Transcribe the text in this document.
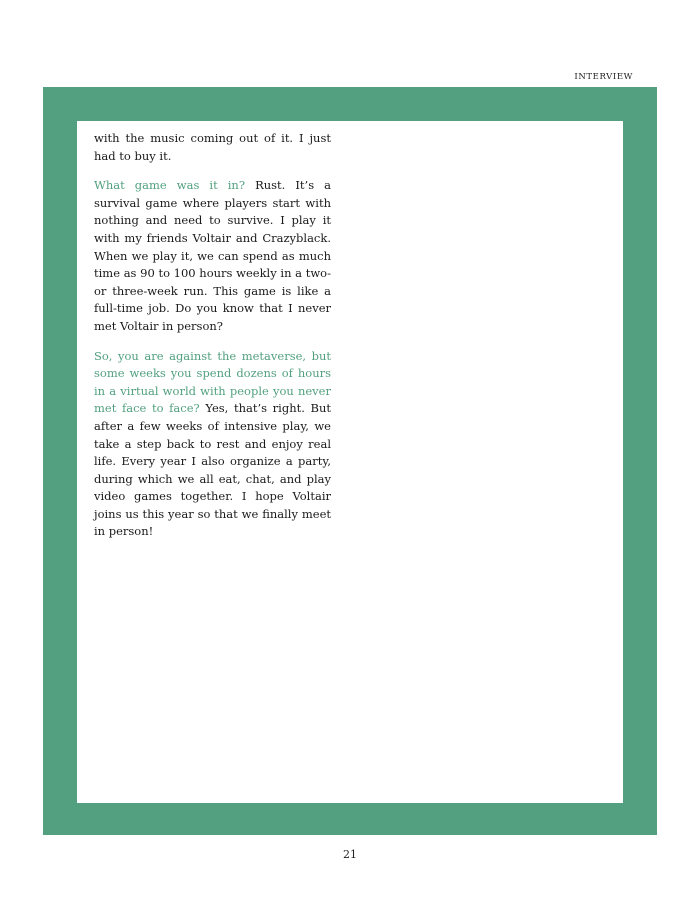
INTERVIEW

with the music coming out of it. I just had to buy it.

What game was it in? Rust. It’s a survival game where players start with nothing and need to survive. I play it with my friends Voltair and Crazyblack. When we play it, we can spend as much time as 90 to 100 hours weekly in a two- or three-week run. This game is like a full-time job. Do you know that I never met Voltair in person?

So, you are against the metaverse, but some weeks you spend dozens of hours in a virtual world with people you never met face to face? Yes, that’s right. But after a few weeks of intensive play, we take a step back to rest and enjoy real life. Every year I also organize a party, during which we all eat, chat, and play video games together. I hope Voltair joins us this year so that we finally meet in person!

21
